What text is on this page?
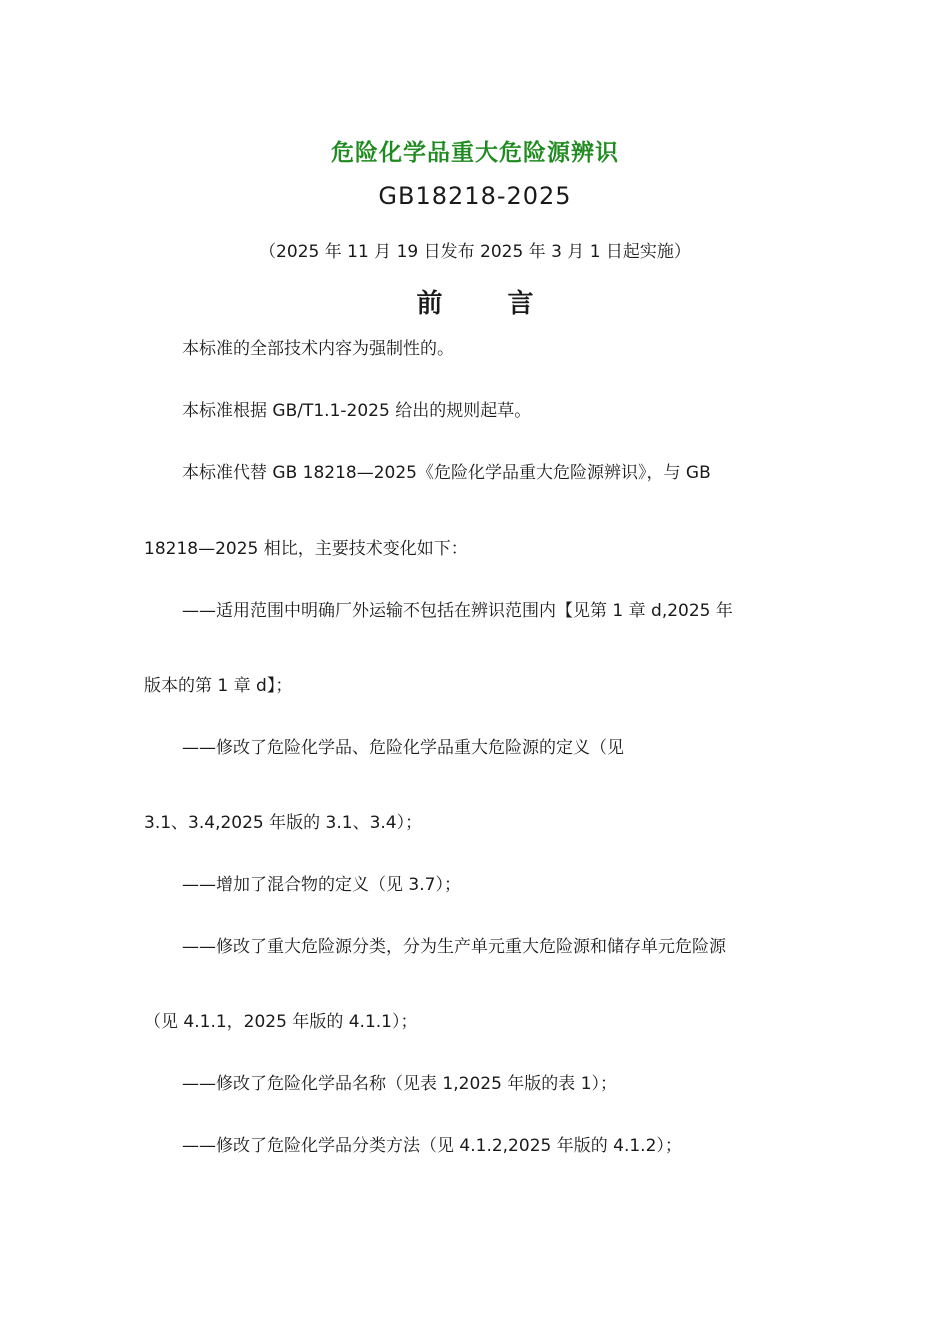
危险化学品重大危险源辨识
GB18218-2025
（2025 年 11 月 19 日发布 2025 年 3 月 1 日起实施）
前 言
本标准的全部技术内容为强制性的。
本标准根据 GB/T1.1-2025 给出的规则起草。
本标准代替 GB 18218—2025《危险化学品重大危险源辨识》，与 GB
18218—2025 相比，主要技术变化如下：
——适用范围中明确厂外运输不包括在辨识范围内【见第 1 章 d,2025 年
版本的第 1 章 d】；
——修改了危险化学品、危险化学品重大危险源的定义（见
3.1、3.4,2025 年版的 3.1、3.4）；
——增加了混合物的定义（见 3.7）；
——修改了重大危险源分类，分为生产单元重大危险源和储存单元危险源
（见 4.1.1，2025 年版的 4.1.1）；
——修改了危险化学品名称（见表 1,2025 年版的表 1）；
——修改了危险化学品分类方法（见 4.1.2,2025 年版的 4.1.2）；
